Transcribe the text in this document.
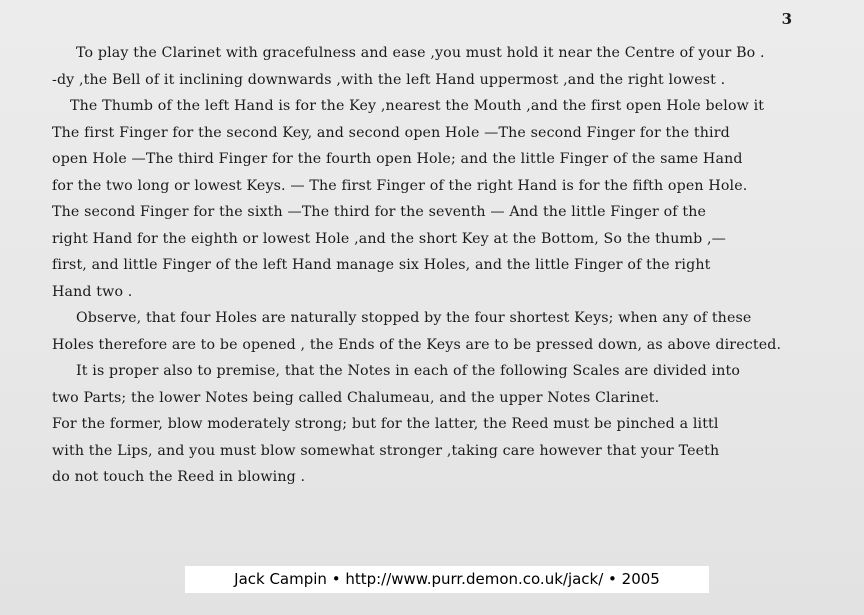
3
To play the Clarinet with gracefulness and ease ,you must hold it near the Centre of your Bo .
-dy ,the Bell of it inclining downwards ,with the left Hand uppermost ,and the right lowest .
The Thumb of the left Hand is for the Key ,nearest the Mouth ,and the first open Hole below it
The first Finger for the second Key, and second open Hole —The second Finger for the third
open Hole —The third Finger for the fourth open Hole; and the little Finger of the same Hand
for the two long or lowest Keys. — The first Finger of the right Hand is for the fifth open Hole.
The second Finger for the sixth —The third for the seventh — And the little Finger of the
right Hand for the eighth or lowest Hole ,and the short Key at the Bottom, So the thumb ,—
first, and little Finger of the left Hand manage six Holes, and the little Finger of the right
Hand two .
Observe, that four Holes are naturally stopped by the four shortest Keys; when any of these
Holes therefore are to be opened , the Ends of the Keys are to be pressed down, as above directed.
It is proper also to premise, that the Notes in each of the following Scales are divided into
two Parts; the lower Notes being called Chalumeau, and the upper Notes Clarinet.
For the former, blow moderately strong; but for the latter, the Reed must be pinched a littl
with the Lips, and you must blow somewhat stronger ,taking care however that your Teeth
do not touch the Reed in blowing .
Jack Campin • http://www.purr.demon.co.uk/jack/ • 2005
